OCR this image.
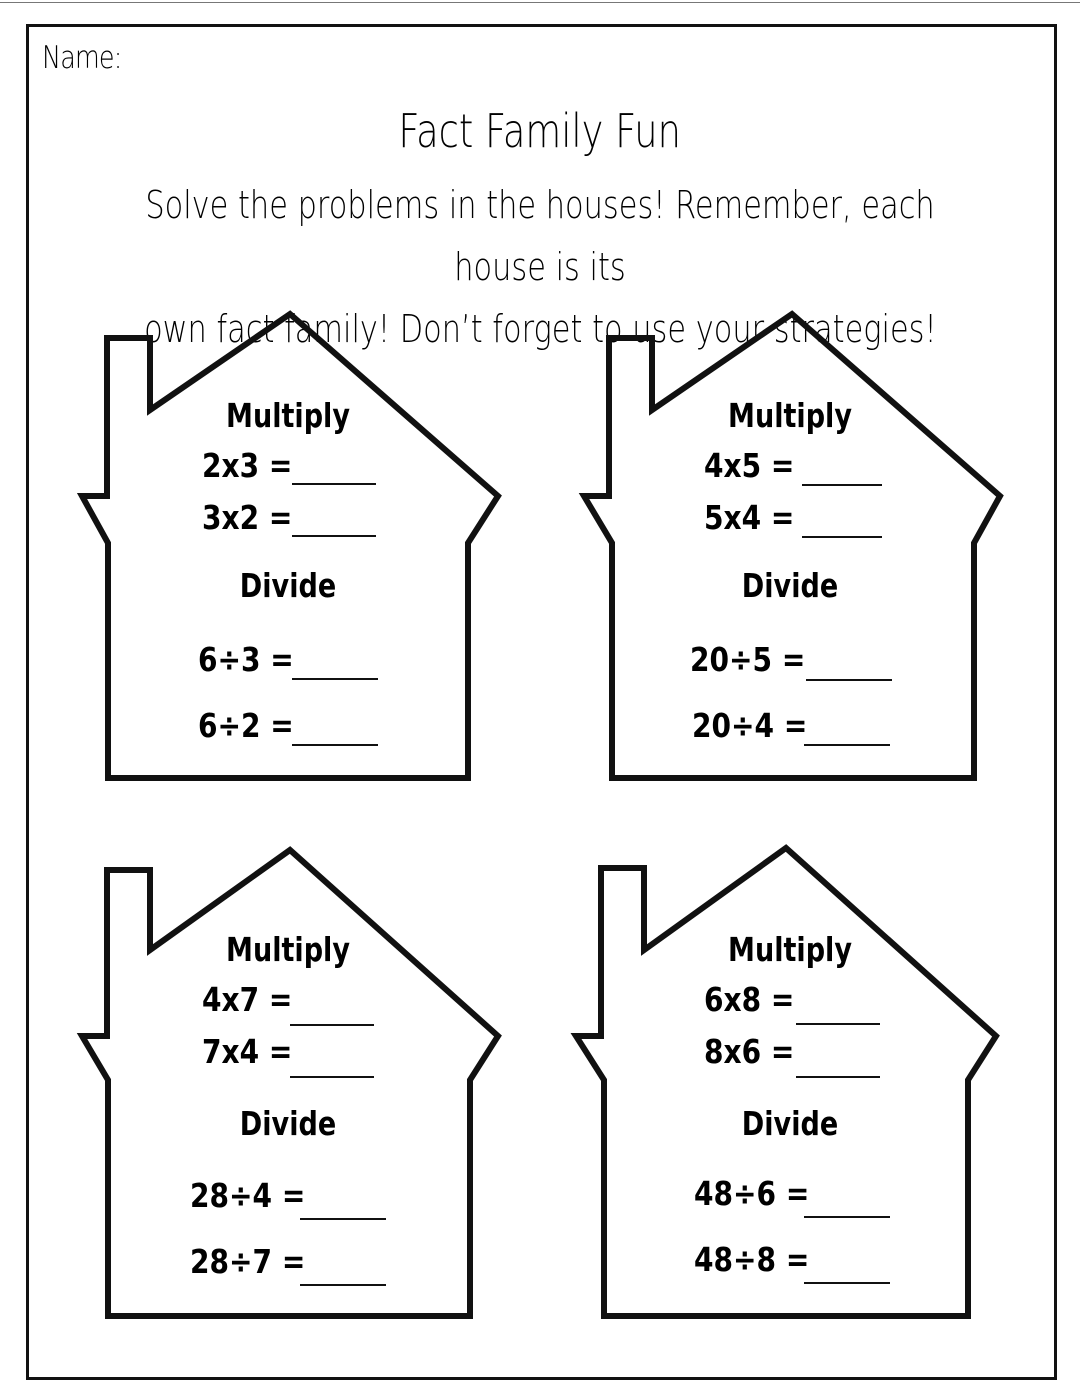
Name:
Fact Family Fun
Solve the problems in the houses! Remember, each house is its
own fact family! Don’t forget to use your strategies!
Multiply
2x3 =
3x2 =
Divide
6÷3 =
6÷2 =
Multiply
4x5 =
5x4 =
Divide
20÷5 =
20÷4 =
Multiply
4x7 =
7x4 =
Divide
28÷4 =
28÷7 =
Multiply
6x8 =
8x6 =
Divide
48÷6 =
48÷8 =
